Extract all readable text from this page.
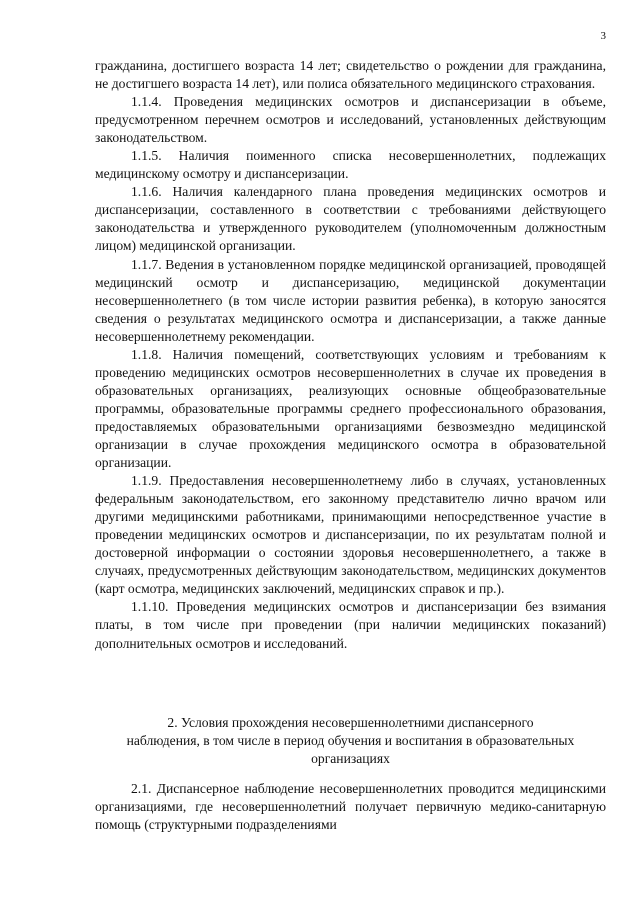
3

гражданина, достигшего возраста 14 лет; свидетельство о рождении для гражданина, не достигшего возраста 14 лет), или полиса обязательного медицинского страхования.

1.1.4. Проведения медицинских осмотров и диспансеризации в объеме, предусмотренном перечнем осмотров и исследований, установленных действующим законодательством.

1.1.5. Наличия поименного списка несовершеннолетних, подлежащих медицинскому осмотру и диспансеризации.

1.1.6. Наличия календарного плана проведения медицинских осмотров и диспансеризации, составленного в соответствии с требованиями действующего законодательства и утвержденного руководителем (уполномоченным должностным лицом) медицинской организации.

1.1.7. Ведения в установленном порядке медицинской организацией, проводящей медицинский осмотр и диспансеризацию, медицинской документации несовершеннолетнего (в том числе истории развития ребенка), в которую заносятся сведения о результатах медицинского осмотра и диспансеризации, а также данные несовершеннолетнему рекомендации.

1.1.8. Наличия помещений, соответствующих условиям и требованиям к проведению медицинских осмотров несовершеннолетних в случае их проведения в образовательных организациях, реализующих основные общеобразовательные программы, образовательные программы среднего профессионального образования, предоставляемых образовательными организациями безвозмездно медицинской организации в случае прохождения медицинского осмотра в образовательной организации.

1.1.9. Предоставления несовершеннолетнему либо в случаях, установленных федеральным законодательством, его законному представителю лично врачом или другими медицинскими работниками, принимающими непосредственное участие в проведении медицинских осмотров и диспансеризации, по их результатам полной и достоверной информации о состоянии здоровья несовершеннолетнего, а также в случаях, предусмотренных действующим законодательством, медицинских документов (карт осмотра, медицинских заключений, медицинских справок и пр.).

1.1.10. Проведения медицинских осмотров и диспансеризации без взимания платы, в том числе при проведении (при наличии медицинских показаний) дополнительных осмотров и исследований.

2. Условия прохождения несовершеннолетними диспансерного

наблюдения, в том числе в период обучения и воспитания в образовательных

организациях

2.1. Диспансерное наблюдение несовершеннолетних проводится медицинскими организациями, где несовершеннолетний получает первичную медико-санитарную помощь (структурными подразделениями
